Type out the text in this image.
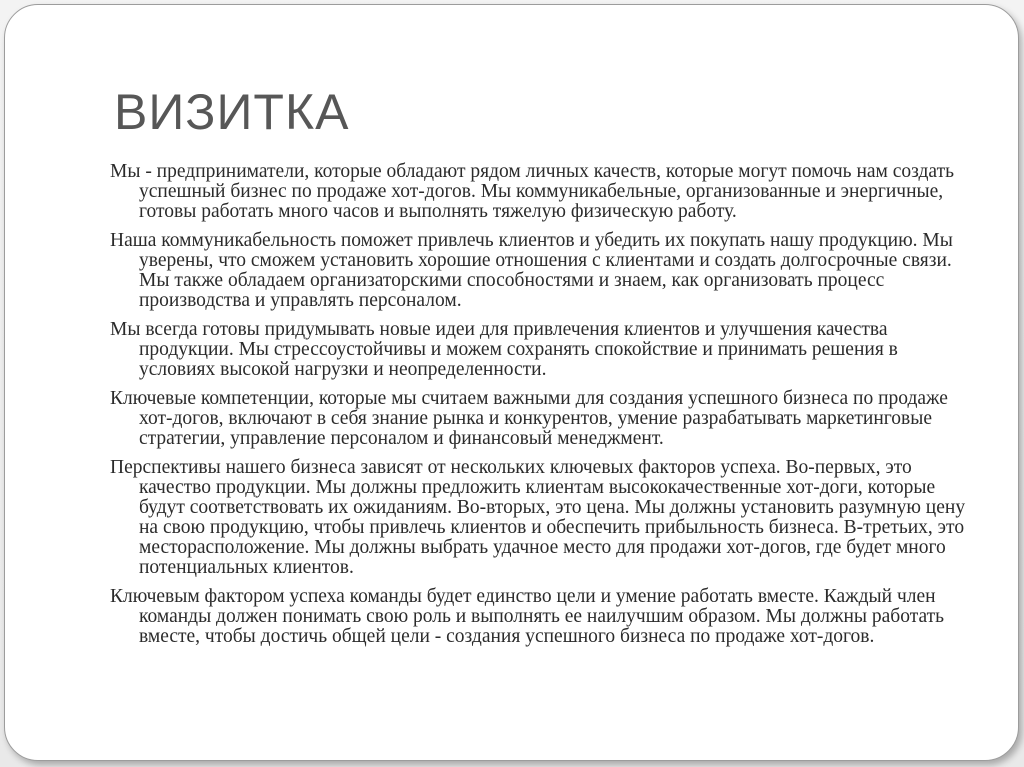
ВИЗИТКА

Мы - предприниматели, которые обладают рядом личных качеств, которые могут помочь нам создать успешный бизнес по продаже хот-догов. Мы коммуникабельные, организованные и энергичные, готовы работать много часов и выполнять тяжелую физическую работу.

Наша коммуникабельность поможет привлечь клиентов и убедить их покупать нашу продукцию. Мы уверены, что сможем установить хорошие отношения с клиентами и создать долгосрочные связи. Мы также обладаем организаторскими способностями и знаем, как организовать процесс производства и управлять персоналом.

Мы всегда готовы придумывать новые идеи для привлечения клиентов и улучшения качества продукции. Мы стрессоустойчивы и можем сохранять спокойствие и принимать решения в условиях высокой нагрузки и неопределенности.

Ключевые компетенции, которые мы считаем важными для создания успешного бизнеса по продаже хот-догов, включают в себя знание рынка и конкурентов, умение разрабатывать маркетинговые стратегии, управление персоналом и финансовый менеджмент.

Перспективы нашего бизнеса зависят от нескольких ключевых факторов успеха. Во-первых, это качество продукции. Мы должны предложить клиентам высококачественные хот-доги, которые будут соответствовать их ожиданиям. Во-вторых, это цена. Мы должны установить разумную цену на свою продукцию, чтобы привлечь клиентов и обеспечить прибыльность бизнеса. В-третьих, это месторасположение. Мы должны выбрать удачное место для продажи хот-догов, где будет много потенциальных клиентов.

Ключевым фактором успеха команды будет единство цели и умение работать вместе. Каждый член команды должен понимать свою роль и выполнять ее наилучшим образом. Мы должны работать вместе, чтобы достичь общей цели - создания успешного бизнеса по продаже хот-догов.
